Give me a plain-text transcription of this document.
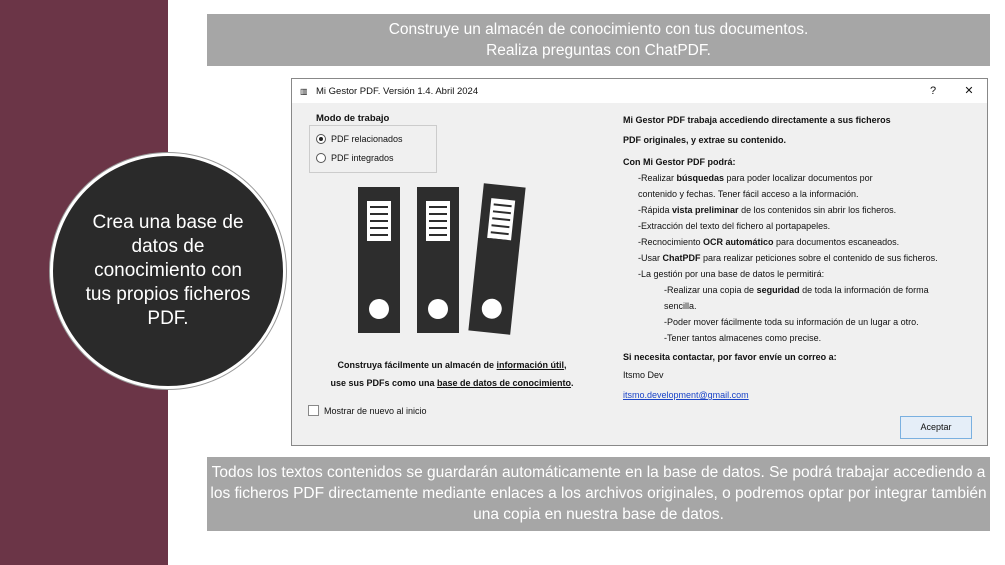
Crea una base de datos de conocimiento con tus propios ficheros PDF.
Construye un almacén de conocimiento con tus documentos.
Realiza preguntas con ChatPDF.
▥ Mi Gestor PDF. Versión 1.4. Abril 2024	?	✕
Modo de trabajo
PDF relacionados
PDF integrados
Construya fácilmente un almacén de información útil,
use sus PDFs como una base de datos de conocimiento.
Mostrar de nuevo al inicio
Mi Gestor PDF trabaja accediendo directamente a sus ficheros
PDF originales, y extrae su contenido.
Con Mi Gestor PDF podrá:
-Realizar búsquedas para poder localizar documentos por
contenido y fechas. Tener fácil acceso a la información.
-Rápida vista preliminar de los contenidos sin abrir los ficheros.
-Extracción del texto del fichero al portapapeles.
-Recnocimiento OCR automático para documentos escaneados.
-Usar ChatPDF para realizar peticiones sobre el contenido de sus ficheros.
-La gestión por una base de datos le permitirá:
-Realizar una copia de seguridad de toda la información de forma
sencilla.
-Poder mover fácilmente toda su información de un lugar a otro.
-Tener tantos almacenes como precise.
Si necesita contactar, por favor envíe un correo a:
Itsmo Dev
itsmo.development@gmail.com
Aceptar
Todos los textos contenidos se guardarán automáticamente en la base de datos. Se podrá trabajar accediendo a los ficheros PDF directamente mediante enlaces a los archivos originales, o podremos optar por integrar también una copia en nuestra base de datos.
